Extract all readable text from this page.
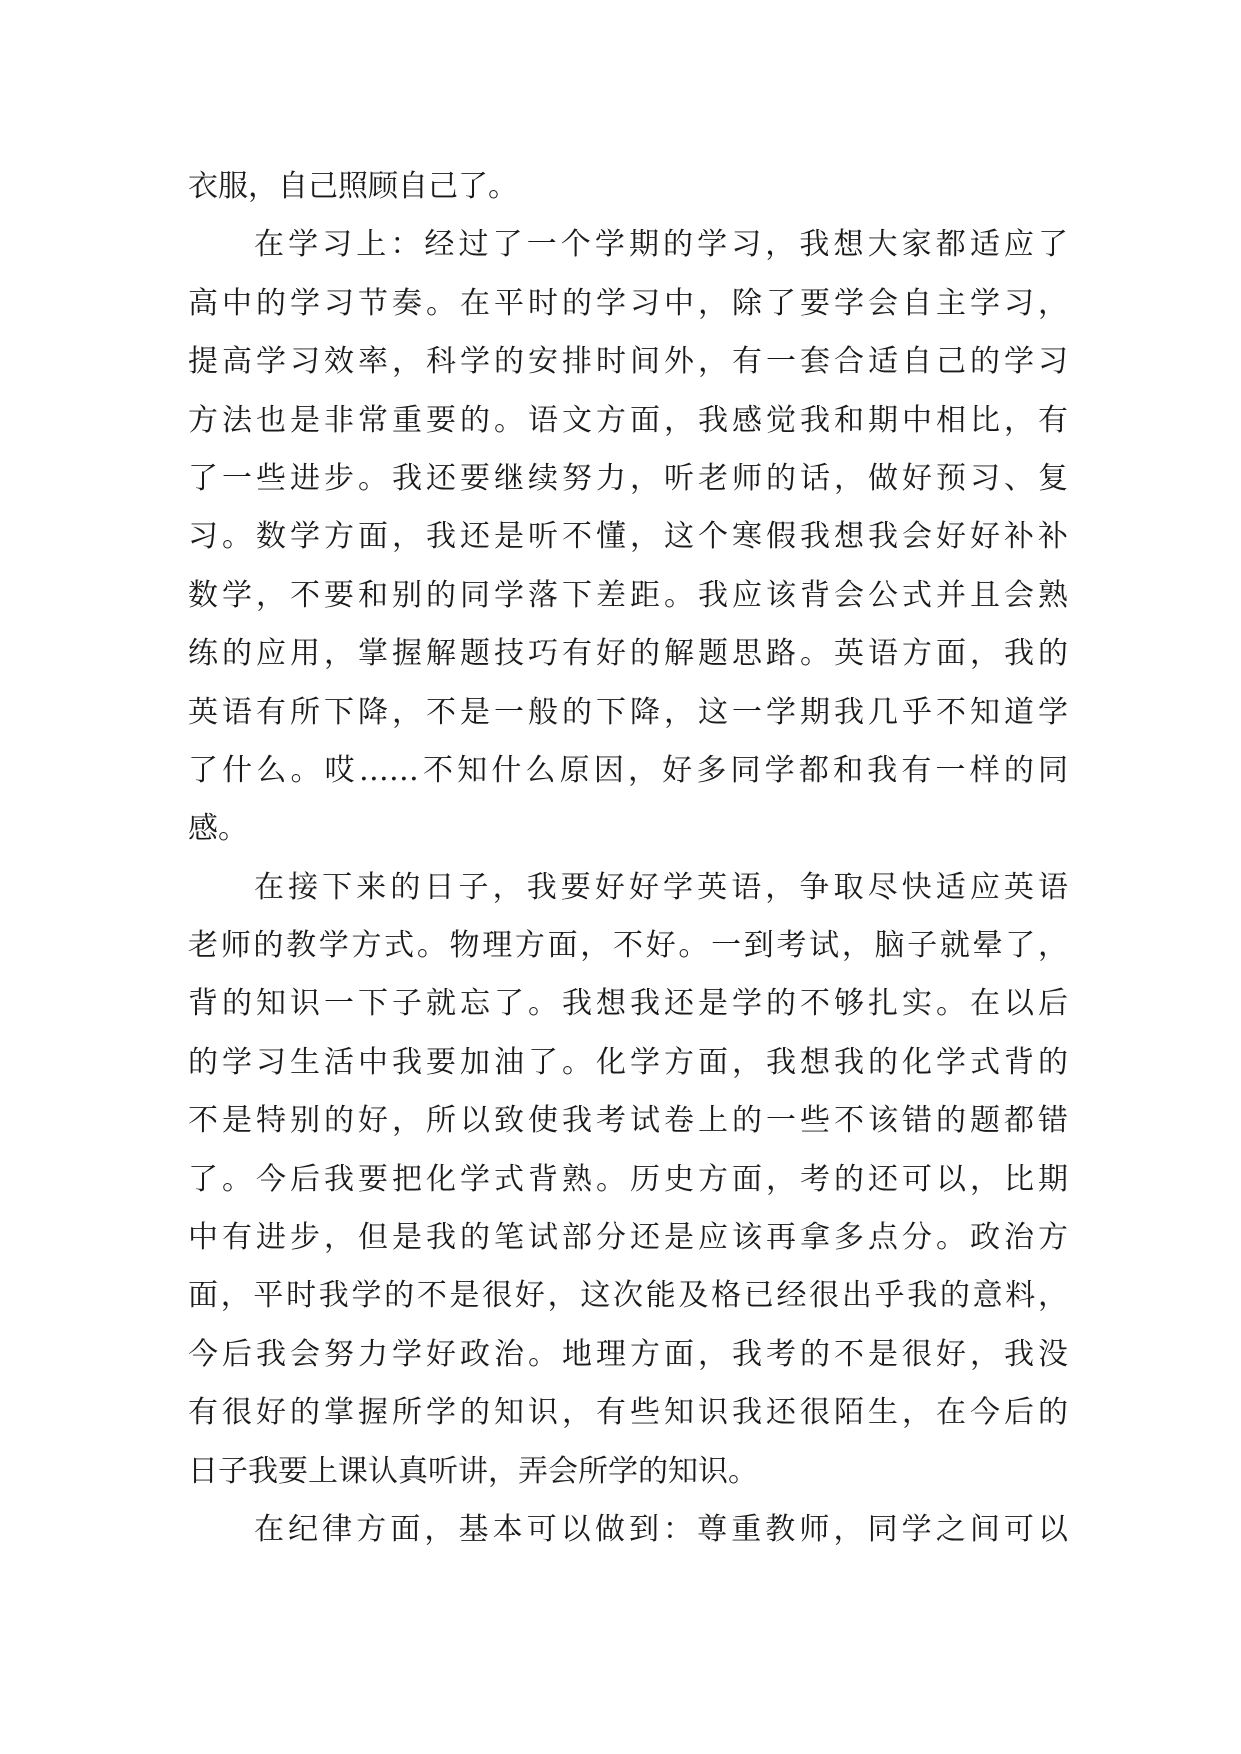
衣服，自己照顾自己了。
在学习上：经过了一个学期的学习，我想大家都适应了
高中的学习节奏。在平时的学习中，除了要学会自主学习，
提高学习效率，科学的安排时间外，有一套合适自己的学习
方法也是非常重要的。语文方面，我感觉我和期中相比，有
了一些进步。我还要继续努力，听老师的话，做好预习、复
习。数学方面，我还是听不懂，这个寒假我想我会好好补补
数学，不要和别的同学落下差距。我应该背会公式并且会熟
练的应用，掌握解题技巧有好的解题思路。英语方面，我的
英语有所下降，不是一般的下降，这一学期我几乎不知道学
了什么。哎……不知什么原因，好多同学都和我有一样的同
感。
在接下来的日子，我要好好学英语，争取尽快适应英语
老师的教学方式。物理方面，不好。一到考试，脑子就晕了，
背的知识一下子就忘了。我想我还是学的不够扎实。在以后
的学习生活中我要加油了。化学方面，我想我的化学式背的
不是特别的好，所以致使我考试卷上的一些不该错的题都错
了。今后我要把化学式背熟。历史方面，考的还可以，比期
中有进步，但是我的笔试部分还是应该再拿多点分。政治方
面，平时我学的不是很好，这次能及格已经很出乎我的意料，
今后我会努力学好政治。地理方面，我考的不是很好，我没
有很好的掌握所学的知识，有些知识我还很陌生，在今后的
日子我要上课认真听讲，弄会所学的知识。
在纪律方面，基本可以做到：尊重教师，同学之间可以
